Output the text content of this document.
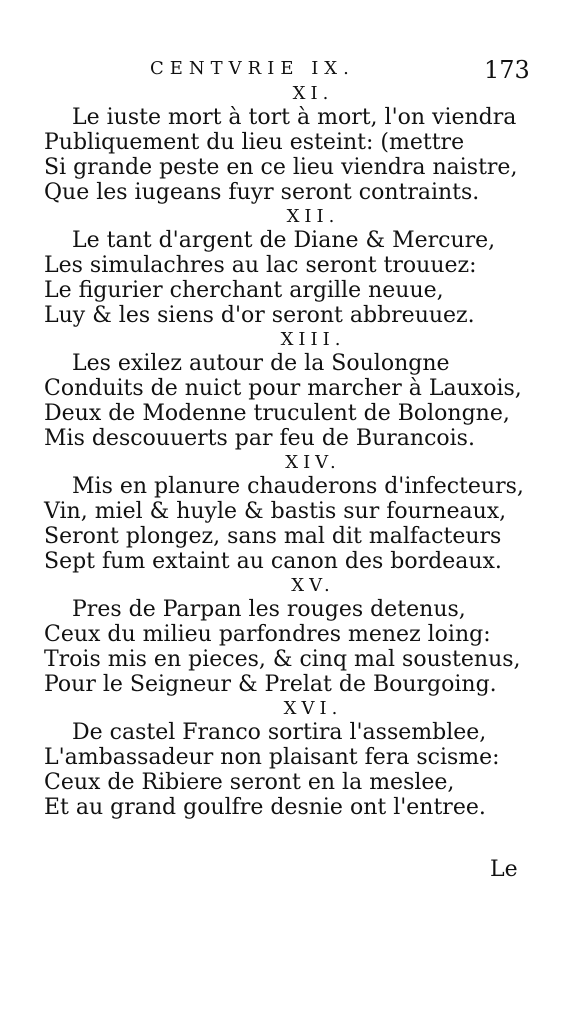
CENTVRIE IX.	173
XI.
Le iuste mort à tort à mort, l'on viendra
Publiquement du lieu esteint: (mettre
Si grande peste en ce lieu viendra naistre,
Que les iugeans fuyr seront contraints.
XII.
Le tant d'argent de Diane & Mercure,
Les simulachres au lac seront trouuez:
Le figurier cherchant argille neuue,
Luy & les siens d'or seront abbreuuez.
XIII.
Les exilez autour de la Soulongne
Conduits de nuict pour marcher à Lauxois,
Deux de Modenne truculent de Bolongne,
Mis descouuerts par feu de Burancois.
XIV.
Mis en planure chauderons d'infecteurs,
Vin, miel & huyle & bastis sur fourneaux,
Seront plongez, sans mal dit malfacteurs
Sept fum extaint au canon des bordeaux.
XV.
Pres de Parpan les rouges detenus,
Ceux du milieu parfondres menez loing:
Trois mis en pieces, & cinq mal soustenus,
Pour le Seigneur & Prelat de Bourgoing.
XVI.
De castel Franco sortira l'assemblee,
L'ambassadeur non plaisant fera scisme:
Ceux de Ribiere seront en la meslee,
Et au grand goulfre desnie ont l'entree.
Le
